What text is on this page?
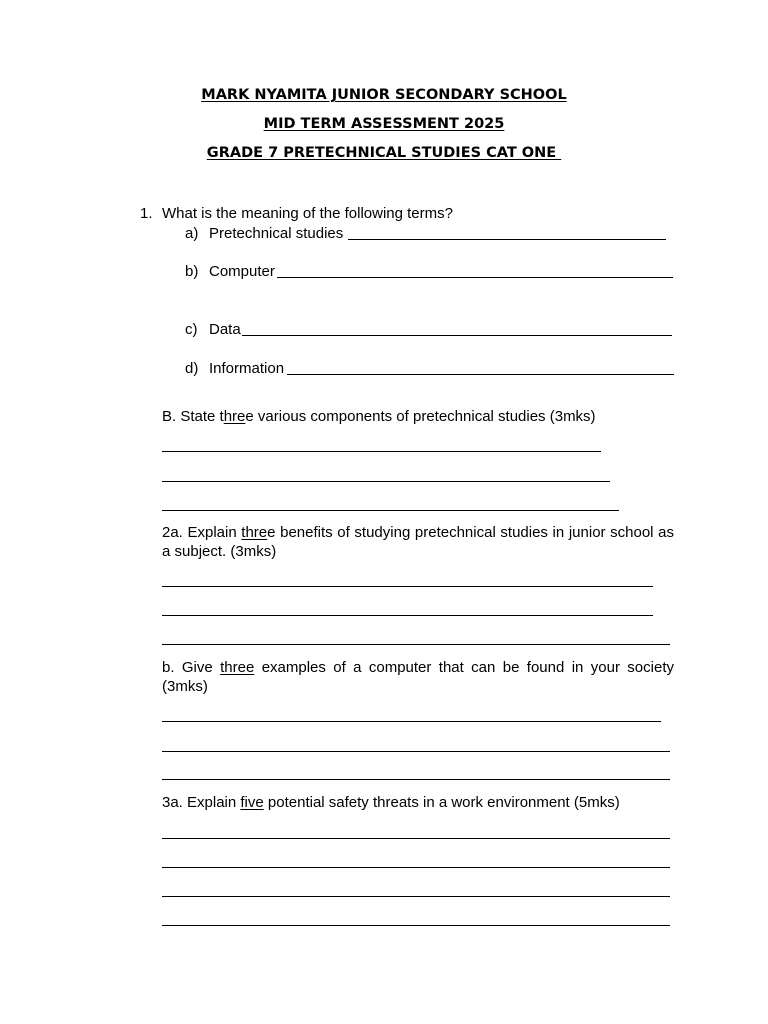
MARK NYAMITA JUNIOR SECONDARY SCHOOL
MID TERM ASSESSMENT 2025
GRADE 7 PRETECHNICAL STUDIES CAT ONE
1. What is the meaning of the following terms?
a) Pretechnical studies
b) Computer
c) Data
d) Information
B. State three various components of pretechnical studies (3mks)
2a. Explain three benefits of studying pretechnical studies in junior school as a subject. (3mks)
b. Give three examples of a computer that can be found in your society (3mks)
3a. Explain five potential safety threats in a work environment (5mks)
